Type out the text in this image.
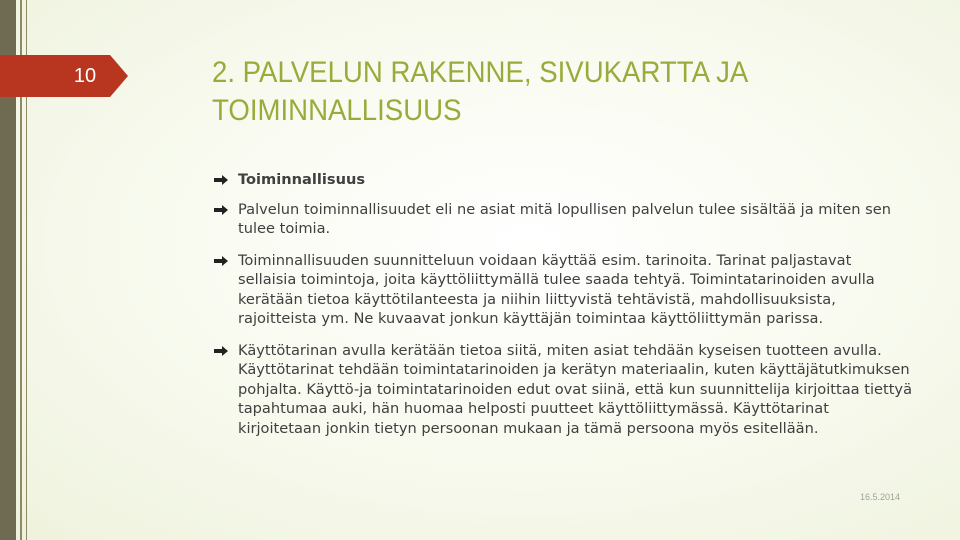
10	2. PALVELUN RAKENNE, SIVUKARTTA JA TOIMINNALLISUUS
Toiminnallisuus
Palvelun toiminnallisuudet eli ne asiat mitä lopullisen palvelun tulee sisältää ja miten sen tulee toimia.
Toiminnallisuuden suunnitteluun voidaan käyttää esim. tarinoita. Tarinat paljastavat sellaisia toimintoja, joita käyttöliittymällä tulee saada tehtyä. Toimintatarinoiden avulla kerätään tietoa käyttötilanteesta ja niihin liittyvistä tehtävistä, mahdollisuuksista, rajoitteista ym. Ne kuvaavat jonkun käyttäjän toimintaa käyttöliittymän parissa.
Käyttötarinan avulla kerätään tietoa siitä, miten asiat tehdään kyseisen tuotteen avulla. Käyttötarinat tehdään toimintatarinoiden ja kerätyn materiaalin, kuten käyttäjätutkimuksen pohjalta. Käyttö-ja toimintatarinoiden edut ovat siinä, että kun suunnittelija kirjoittaa tiettyä tapahtumaa auki, hän huomaa helposti puutteet käyttöliittymässä. Käyttötarinat kirjoitetaan jonkin tietyn persoonan mukaan ja tämä persoona myös esitellään.
16.5.2014
